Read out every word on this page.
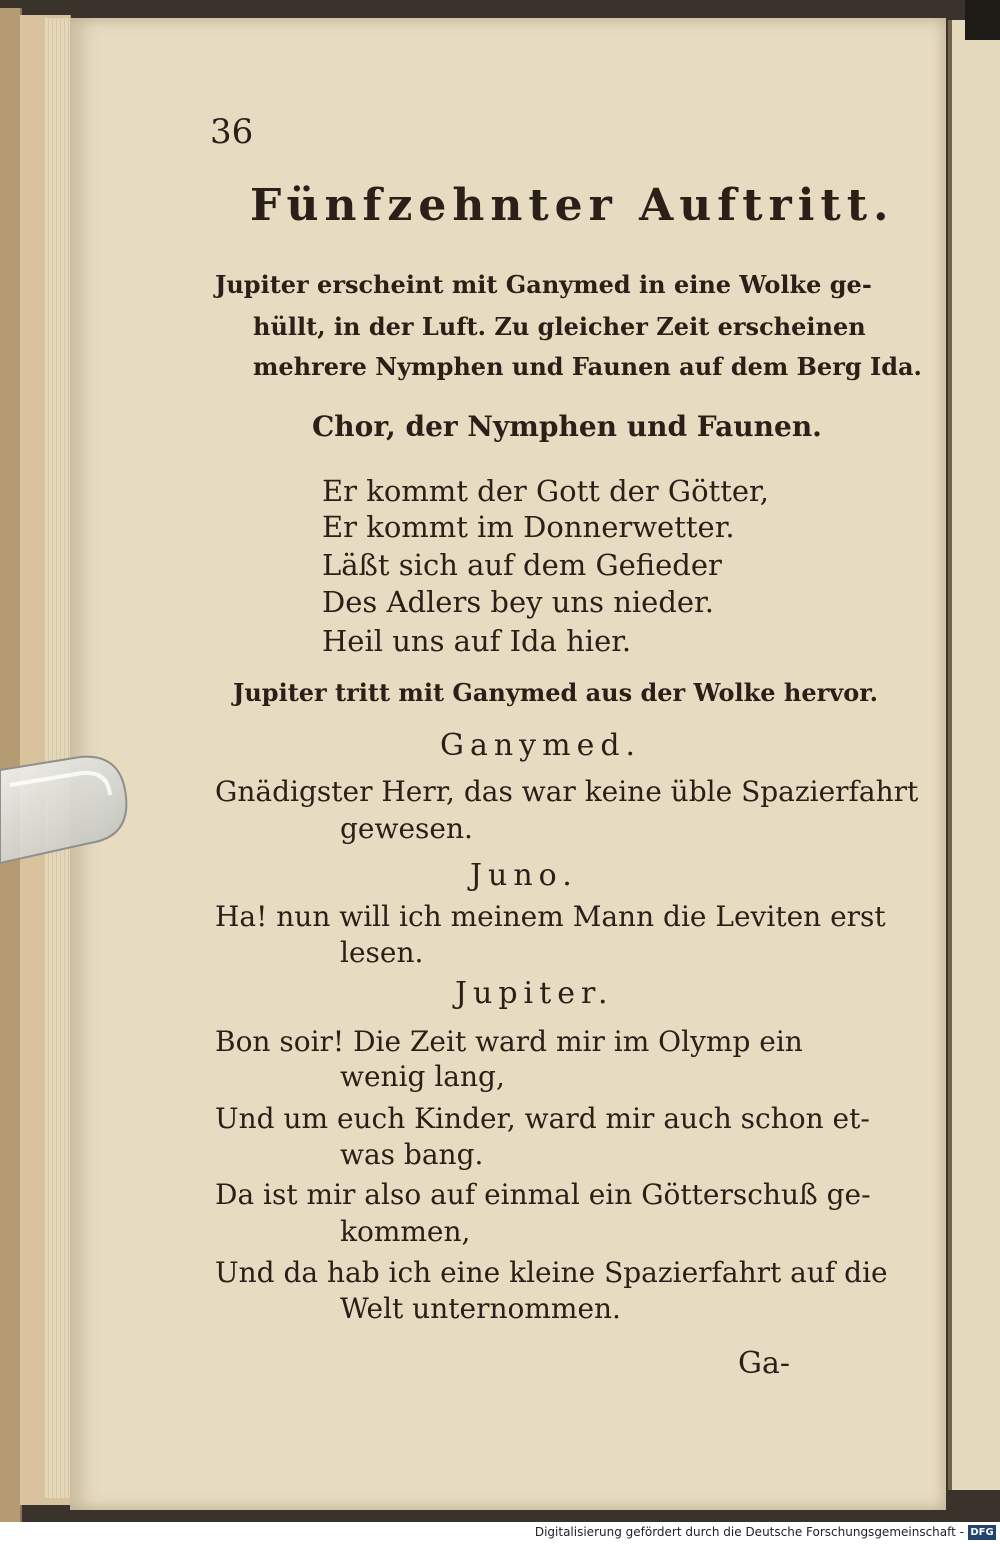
36
Fünfzehnter Auftritt.
Jupiter erscheint mit Ganymed in eine Wolke ge-
hüllt, in der Luft. Zu gleicher Zeit erscheinen
mehrere Nymphen und Faunen auf dem Berg Ida.
Chor, der Nymphen und Faunen.
Er kommt der Gott der Götter,
Er kommt im Donnerwetter.
Läßt sich auf dem Gefieder
Des Adlers bey uns nieder.
Heil uns auf Ida hier.
Jupiter tritt mit Ganymed aus der Wolke hervor.
Ganymed.
Gnädigster Herr, das war keine üble Spazierfahrt
gewesen.
Juno.
Ha! nun will ich meinem Mann die Leviten erst
lesen.
Jupiter.
Bon soir! Die Zeit ward mir im Olymp ein
wenig lang,
Und um euch Kinder, ward mir auch schon et-
was bang.
Da ist mir also auf einmal ein Götterschuß ge-
kommen,
Und da hab ich eine kleine Spazierfahrt auf die
Welt unternommen.
Ga-
Digitalisierung gefördert durch die Deutsche Forschungsgemeinschaft - DFG
